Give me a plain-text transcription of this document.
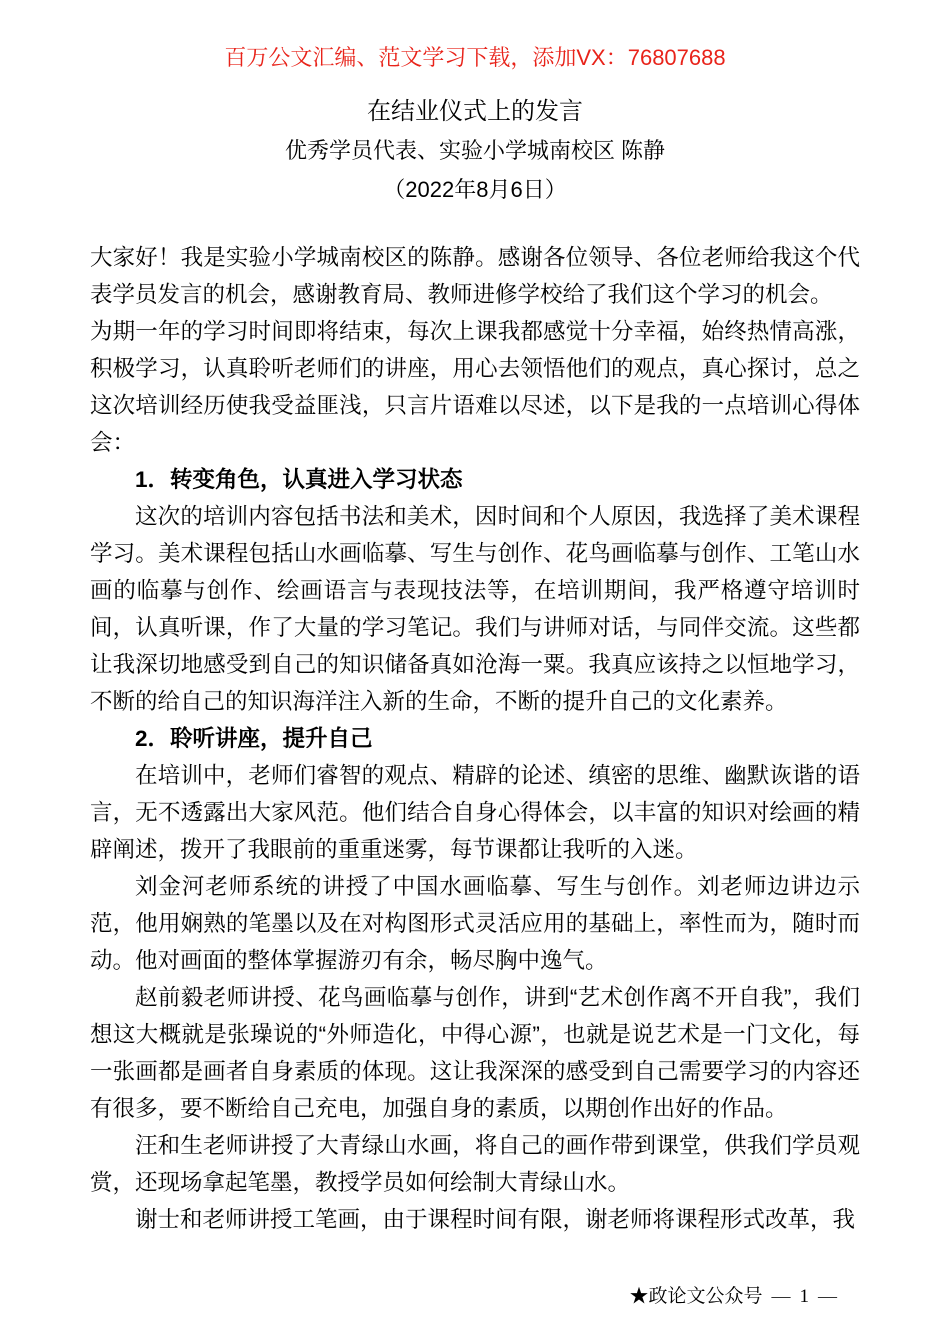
百万公文汇编、范文学习下载，添加VX：76807688
在结业仪式上的发言
优秀学员代表、实验小学城南校区 陈静
（2022年8月6日）

大家好！我是实验小学城南校区的陈静。感谢各位领导、各位老师给我这个代表学员发言的机会，感谢教育局、教师进修学校给了我们这个学习的机会。

为期一年的学习时间即将结束，每次上课我都感觉十分幸福，始终热情高涨，积极学习，认真聆听老师们的讲座，用心去领悟他们的观点，真心探讨，总之这次培训经历使我受益匪浅，只言片语难以尽述，以下是我的一点培训心得体会：

1．转变角色，认真进入学习状态

这次的培训内容包括书法和美术，因时间和个人原因，我选择了美术课程学习。美术课程包括山水画临摹、写生与创作、花鸟画临摹与创作、工笔山水画的临摹与创作、绘画语言与表现技法等，在培训期间，我严格遵守培训时间，认真听课，作了大量的学习笔记。我们与讲师对话，与同伴交流。这些都让我深切地感受到自己的知识储备真如沧海一粟。我真应该持之以恒地学习，不断的给自己的知识海洋注入新的生命，不断的提升自己的文化素养。

2．聆听讲座，提升自己

在培训中，老师们睿智的观点、精辟的论述、缜密的思维、幽默诙谐的语言，无不透露出大家风范。他们结合自身心得体会，以丰富的知识对绘画的精辟阐述，拨开了我眼前的重重迷雾，每节课都让我听的入迷。

刘金河老师系统的讲授了中国水画临摹、写生与创作。刘老师边讲边示范，他用娴熟的笔墨以及在对构图形式灵活应用的基础上，率性而为，随时而动。他对画面的整体掌握游刃有余，畅尽胸中逸气。

赵前毅老师讲授、花鸟画临摹与创作，讲到“艺术创作离不开自我”，我们想这大概就是张璪说的“外师造化，中得心源”，也就是说艺术是一门文化，每一张画都是画者自身素质的体现。这让我深深的感受到自己需要学习的内容还有很多，要不断给自己充电，加强自身的素质，以期创作出好的作品。

汪和生老师讲授了大青绿山水画，将自己的画作带到课堂，供我们学员观赏，还现场拿起笔墨，教授学员如何绘制大青绿山水。

谢士和老师讲授工笔画，由于课程时间有限，谢老师将课程形式改革，我

★政论文公众号 — 1 —
